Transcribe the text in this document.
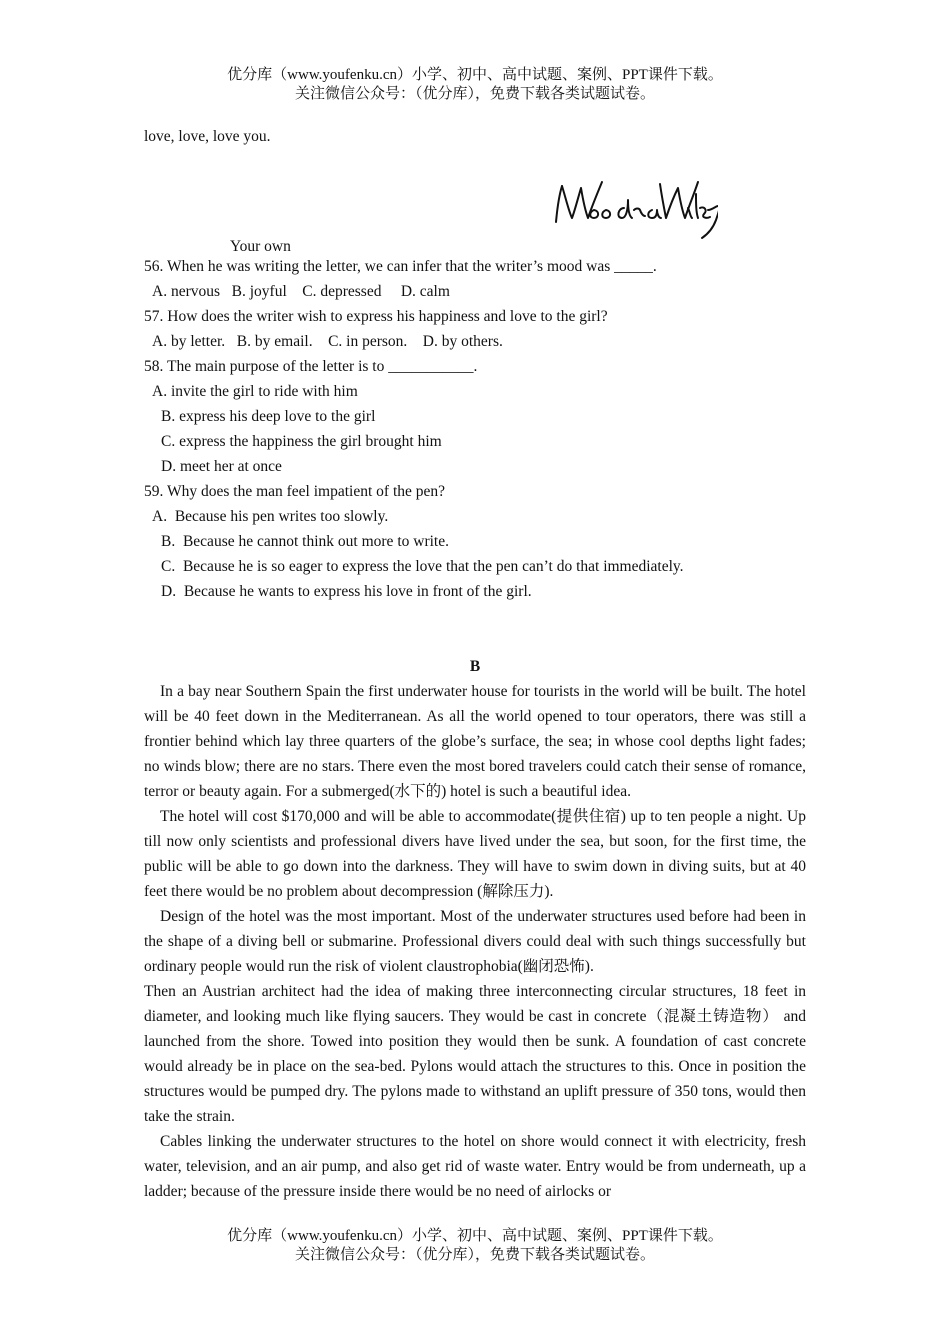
优分库（www.youfenku.cn）小学、初中、高中试题、案例、PPT课件下载。
关注微信公众号：（优分库），免费下载各类试题试卷。
love, love, love you.
Your own
56. When he was writing the letter, we can infer that the writer’s mood was _____.
A. nervous   B. joyful    C. depressed     D. calm
57. How does the writer wish to express his happiness and love to the girl?
A. by letter.   B. by email.    C. in person.    D. by others.
58. The main purpose of the letter is to ___________.
A. invite the girl to ride with him
B. express his deep love to the girl
C. express the happiness the girl brought him
D. meet her at once
59. Why does the man feel impatient of the pen?
A.  Because his pen writes too slowly.
B.  Because he cannot think out more to write.
C.  Because he is so eager to express the love that the pen can’t do that immediately.
D.  Because he wants to express his love in front of the girl.
B

In a bay near Southern Spain the first underwater house for tourists in the world will be built. The hotel will be 40 feet down in the Mediterranean. As all the world opened to tour operators, there was still a frontier behind which lay three quarters of the globe’s surface, the sea; in whose cool depths light fades; no winds blow; there are no stars. There even the most bored travelers could catch their sense of romance, terror or beauty again. For a submerged(水下的) hotel is such a beautiful idea.

The hotel will cost $170,000 and will be able to accommodate(提供住宿) up to ten people a night. Up till now only scientists and professional divers have lived under the sea, but soon, for the first time, the public will be able to go down into the darkness. They will have to swim down in diving suits, but at 40 feet there would be no problem about decompression (解除压力).

Design of the hotel was the most important. Most of the underwater structures used before had been in the shape of a diving bell or submarine. Professional divers could deal with such things successfully but ordinary people would run the risk of violent claustrophobia(幽闭恐怖).

Then an Austrian architect had the idea of making three interconnecting circular structures, 18 feet in diameter, and looking much like flying saucers. They would be cast in concrete（混凝土铸造物） and launched from the shore. Towed into position they would then be sunk. A foundation of cast concrete would already be in place on the sea-bed. Pylons would attach the structures to this. Once in position the structures would be pumped dry. The pylons made to withstand an uplift pressure of 350 tons, would then take the strain.

Cables linking the underwater structures to the hotel on shore would connect it with electricity, fresh water, television, and an air pump, and also get rid of waste water. Entry would be from underneath, up a ladder; because of the pressure inside there would be no need of airlocks or

优分库（www.youfenku.cn）小学、初中、高中试题、案例、PPT课件下载。
关注微信公众号：（优分库），免费下载各类试题试卷。
